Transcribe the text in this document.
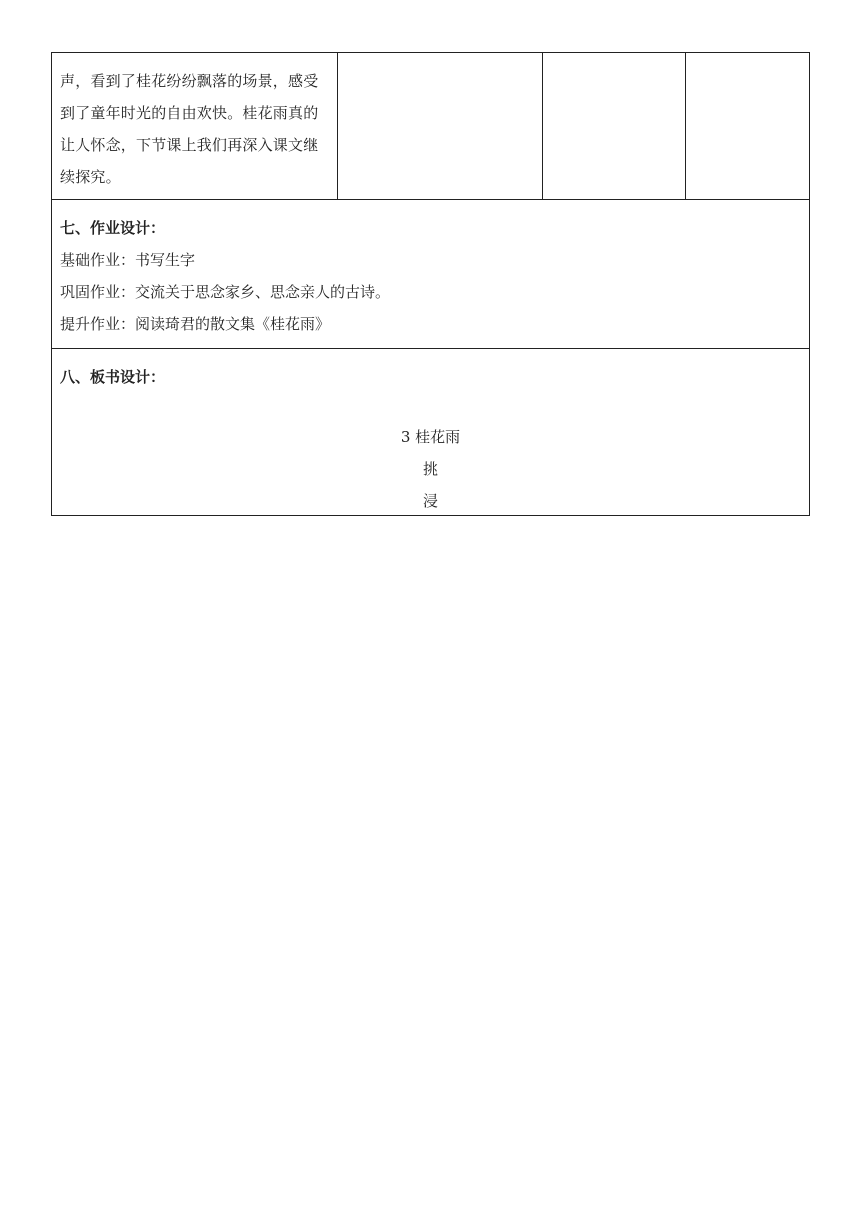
声，看到了桂花纷纷飘落的场景，感受到了童年时光的自由欢快。桂花雨真的让人怀念，下节课上我们再深入课文继续探究。

七、作业设计：
基础作业：书写生字
巩固作业：交流关于思念家乡、思念亲人的古诗。
提升作业：阅读琦君的散文集《桂花雨》

八、板书设计：
3 桂花雨
挑
浸
